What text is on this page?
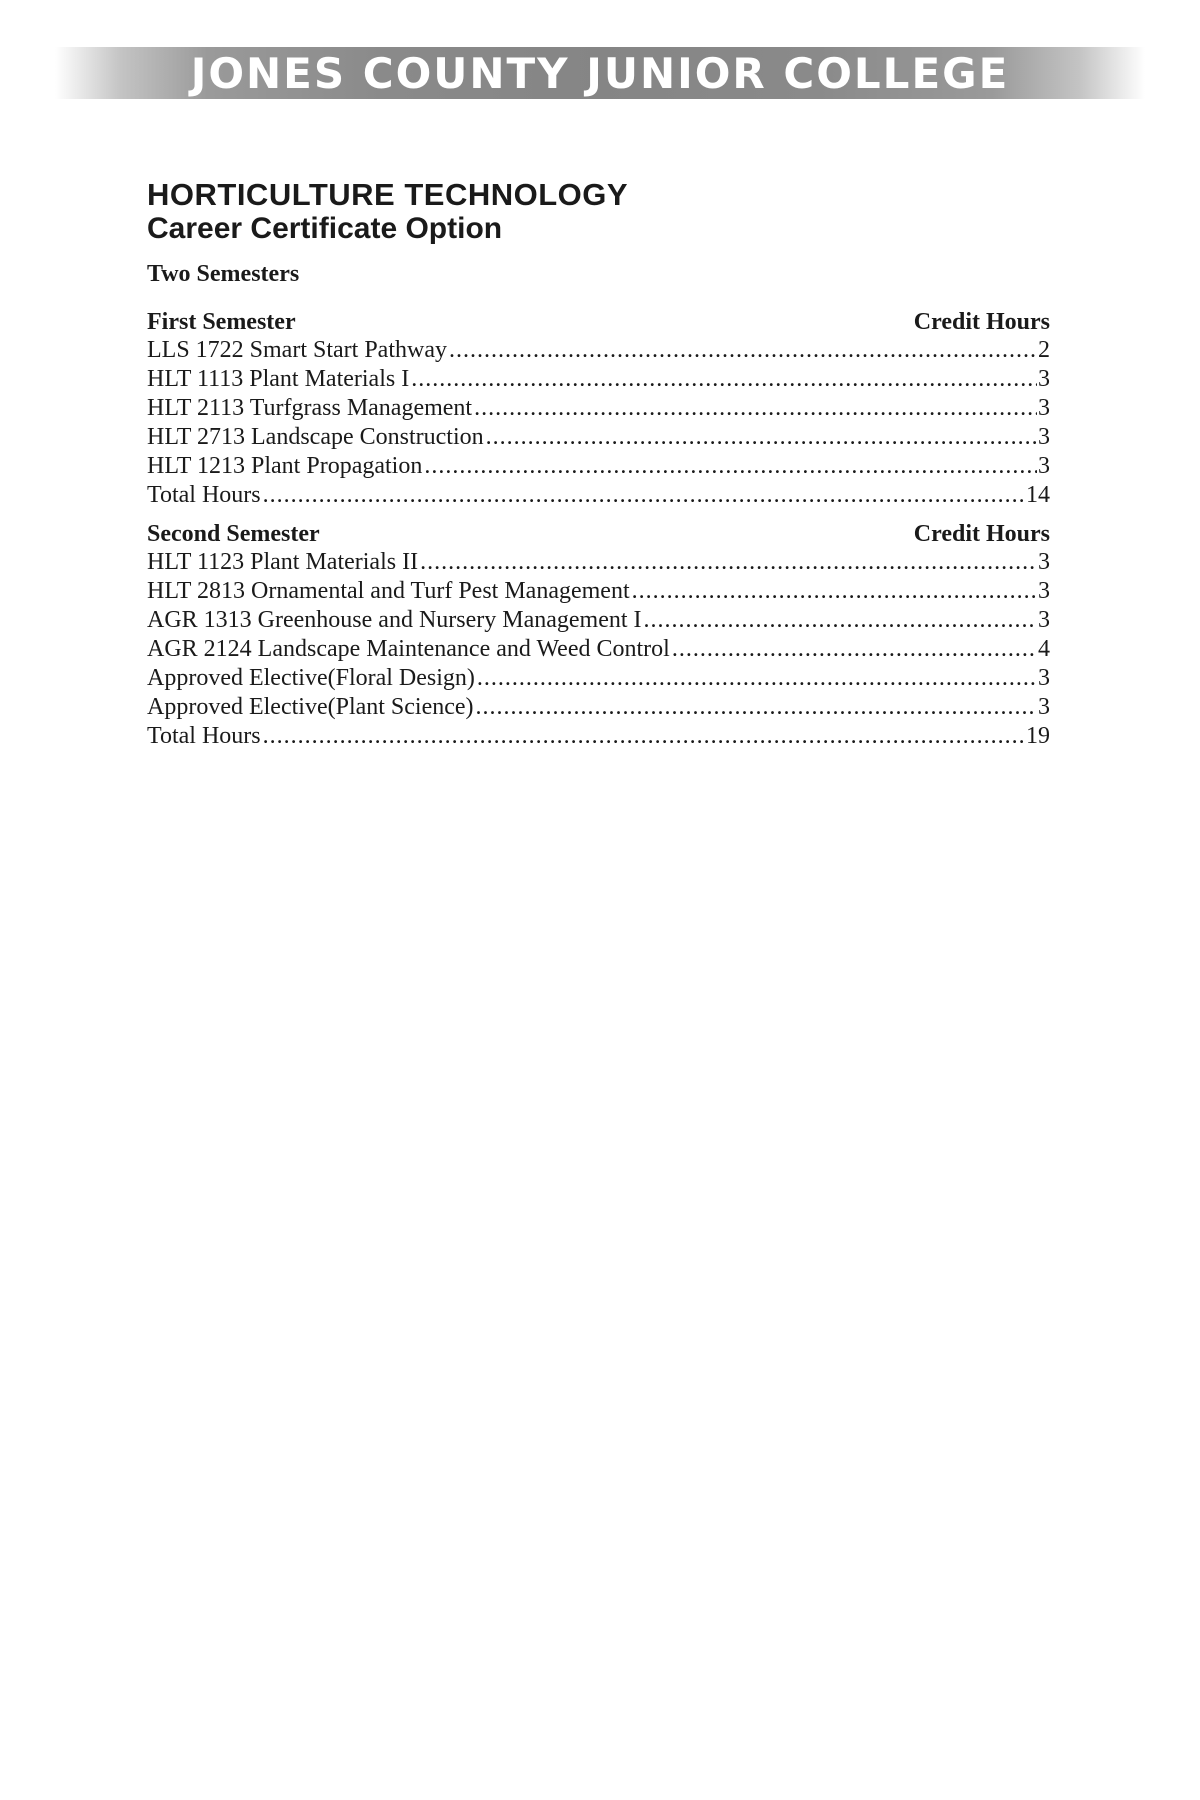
JONES COUNTY JUNIOR COLLEGE
HORTICULTURE TECHNOLOGY
Career Certificate Option
Two Semesters
First Semester	Credit Hours
LLS 1722 Smart Start Pathway .....	2
HLT 1113 Plant Materials I .....	3
HLT 2113 Turfgrass Management .....	3
HLT 2713 Landscape Construction .....	3
HLT 1213 Plant Propagation .....	3
Total Hours .....	14
Second Semester	Credit Hours
HLT 1123 Plant Materials II .....	3
HLT 2813 Ornamental and Turf Pest Management .....	3
AGR 1313 Greenhouse and Nursery Management I .....	3
AGR 2124 Landscape Maintenance and Weed Control .....	4
Approved Elective(Floral Design) .....	3
Approved Elective(Plant Science) .....	3
Total Hours .....	19
